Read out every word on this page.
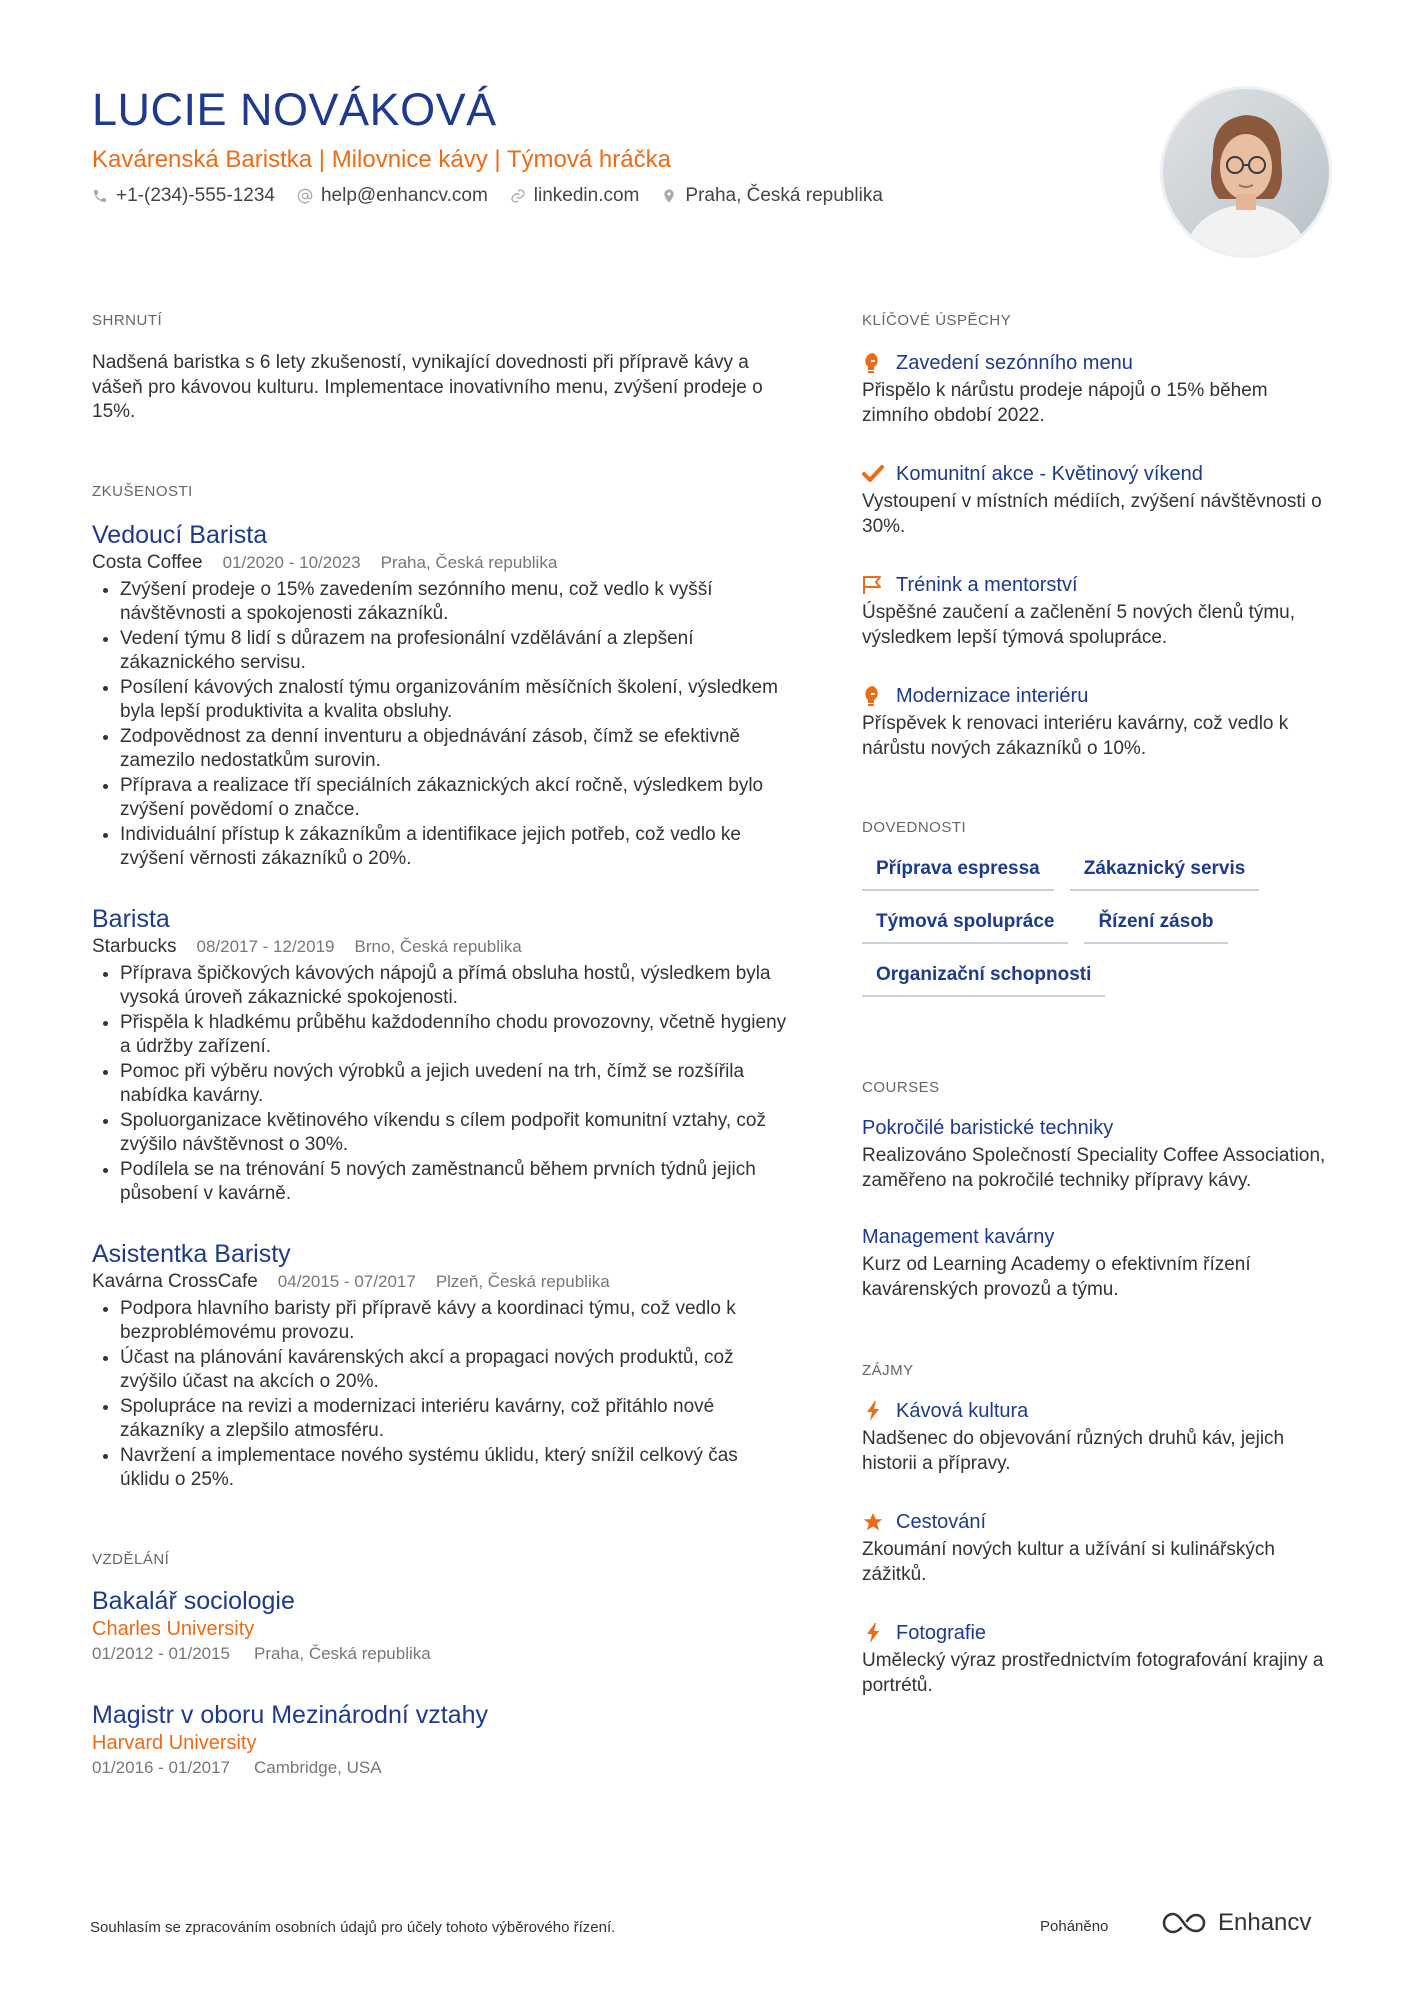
LUCIE NOVÁKOVÁ
Kavárenská Baristka | Milovnice kávy | Týmová hráčka
+1-(234)-555-1234 help@enhancv.com linkedin.com Praha, Česká republika
SHRNUTÍ
Nadšená baristka s 6 lety zkušeností, vynikající dovednosti při přípravě kávy a vášeň pro kávovou kulturu. Implementace inovativního menu, zvýšení prodeje o 15%.
ZKUŠENOSTI
Vedoucí Barista
Costa Coffee 01/2020 - 10/2023 Praha, Česká republika
• Zvýšení prodeje o 15% zavedením sezónního menu, což vedlo k vyšší návštěvnosti a spokojenosti zákazníků.
• Vedení týmu 8 lidí s důrazem na profesionální vzdělávání a zlepšení zákaznického servisu.
• Posílení kávových znalostí týmu organizováním měsíčních školení, výsledkem byla lepší produktivita a kvalita obsluhy.
• Zodpovědnost za denní inventuru a objednávání zásob, čímž se efektivně zamezilo nedostatkům surovin.
• Příprava a realizace tří speciálních zákaznických akcí ročně, výsledkem bylo zvýšení povědomí o značce.
• Individuální přístup k zákazníkům a identifikace jejich potřeb, což vedlo ke zvýšení věrnosti zákazníků o 20%.
Barista
Starbucks 08/2017 - 12/2019 Brno, Česká republika
• Příprava špičkových kávových nápojů a přímá obsluha hostů, výsledkem byla vysoká úroveň zákaznické spokojenosti.
• Přispěla k hladkému průběhu každodenního chodu provozovny, včetně hygieny a údržby zařízení.
• Pomoc při výběru nových výrobků a jejich uvedení na trh, čímž se rozšířila nabídka kavárny.
• Spoluorganizace květinového víkendu s cílem podpořit komunitní vztahy, což zvýšilo návštěvnost o 30%.
• Podílela se na trénování 5 nových zaměstnanců během prvních týdnů jejich působení v kavárně.
Asistentka Baristy
Kavárna CrossCafe 04/2015 - 07/2017 Plzeň, Česká republika
• Podpora hlavního baristy při přípravě kávy a koordinaci týmu, což vedlo k bezproblémovému provozu.
• Účast na plánování kavárenských akcí a propagaci nových produktů, což zvýšilo účast na akcích o 20%.
• Spolupráce na revizi a modernizaci interiéru kavárny, což přitáhlo nové zákazníky a zlepšilo atmosféru.
• Navržení a implementace nového systému úklidu, který snížil celkový čas úklidu o 25%.
VZDĚLÁNÍ
Bakalář sociologie
Charles University
01/2012 - 01/2015 Praha, Česká republika
Magistr v oboru Mezinárodní vztahy
Harvard University
01/2016 - 01/2017 Cambridge, USA
KLÍČOVÉ ÚSPĚCHY
Zavedení sezónního menu
Přispělo k nárůstu prodeje nápojů o 15% během zimního období 2022.
Komunitní akce - Květinový víkend
Vystoupení v místních médiích, zvýšení návštěvnosti o 30%.
Trénink a mentorství
Úspěšné zaučení a začlenění 5 nových členů týmu, výsledkem lepší týmová spolupráce.
Modernizace interiéru
Příspěvek k renovaci interiéru kavárny, což vedlo k nárůstu nových zákazníků o 10%.
DOVEDNOSTI
Příprava espressa	Zákaznický servis
Týmová spolupráce	Řízení zásob
Organizační schopnosti
COURSES
Pokročilé baristické techniky
Realizováno Společností Speciality Coffee Association, zaměřeno na pokročilé techniky přípravy kávy.
Management kavárny
Kurz od Learning Academy o efektivním řízení kavárenských provozů a týmu.
ZÁJMY
Kávová kultura
Nadšenec do objevování různých druhů káv, jejich historii a přípravy.
Cestování
Zkoumání nových kultur a užívání si kulinářských zážitků.
Fotografie
Umělecký výraz prostřednictvím fotografování krajiny a portrétů.
Souhlasím se zpracováním osobních údajů pro účely tohoto výběrového řízení.	Poháněno	Enhancv
